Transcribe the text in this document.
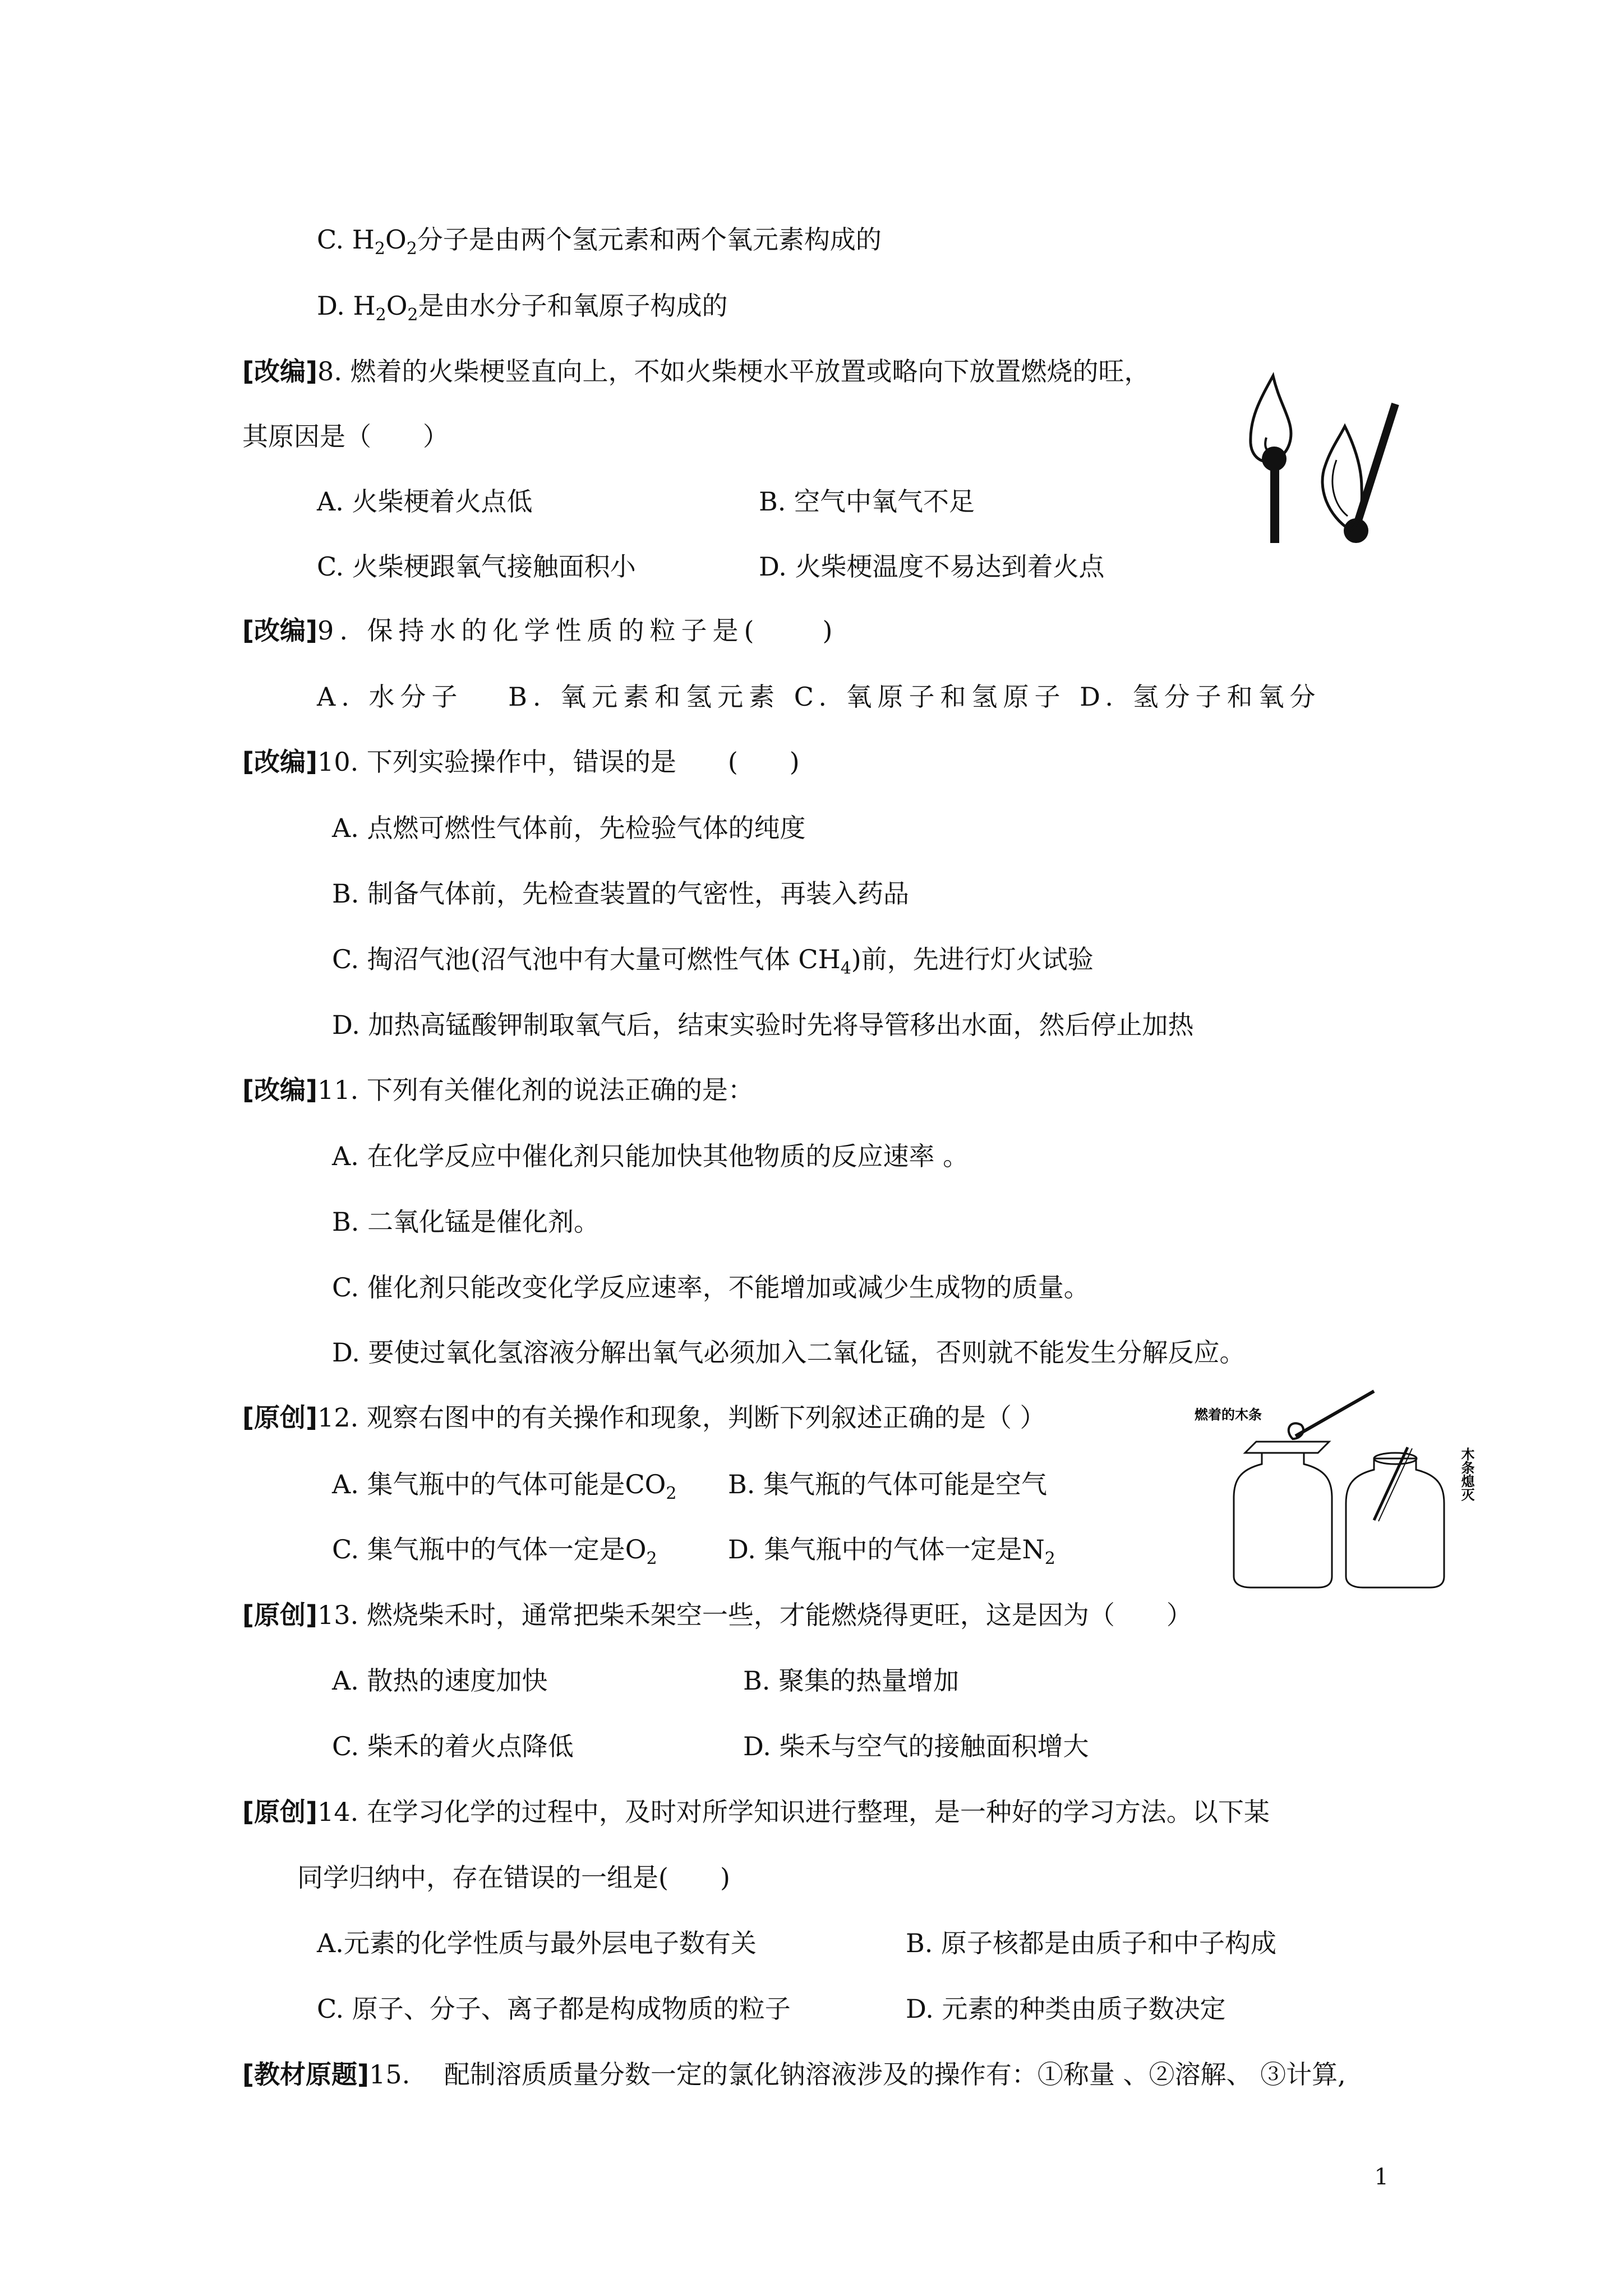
C. $H_2O_2$分子是由两个氢元素和两个氧元素构成的
D. $H_2O_2$是由水分子和氧原子构成的
[改编]8. 燃着的火柴梗竖直向上，不如火柴梗水平放置或略向下放置燃烧的旺，
其原因是（　　）
A. 火柴梗着火点低	B. 空气中氧气不足
C. 火柴梗跟氧气接触面积小	D. 火柴梗温度不易达到着火点
[改编]9. 保持水的化学性质的粒子是(　　)
A. 水分子　 B. 氧元素和氢元素 C. 氧原子和氢原子 D. 氢分子和氧分
[改编]10. 下列实验操作中，错误的是　　(　　)
A. 点燃可燃性气体前，先检验气体的纯度
B. 制备气体前，先检查装置的气密性，再装入药品
C. 掏沼气池(沼气池中有大量可燃性气体 $CH_4$)前，先进行灯火试验
D. 加热高锰酸钾制取氧气后，结束实验时先将导管移出水面，然后停止加热
[改编]11. 下列有关催化剂的说法正确的是：
A. 在化学反应中催化剂只能加快其他物质的反应速率 。
B. 二氧化锰是催化剂。
C. 催化剂只能改变化学反应速率，不能增加或减少生成物的质量。
D. 要使过氧化氢溶液分解出氧气必须加入二氧化锰，否则就不能发生分解反应。
[原创]12. 观察右图中的有关操作和现象，判断下列叙述正确的是（ ）
A. 集气瓶中的气体可能是$CO_2$ B. 集气瓶的气体可能是空气
C. 集气瓶中的气体一定是$O_2$	D. 集气瓶中的气体一定是$N_2$
燃着的木条
木条熄灭
[原创]13. 燃烧柴禾时，通常把柴禾架空一些，才能燃烧得更旺，这是因为（　　）
A. 散热的速度加快	B. 聚集的热量增加
C. 柴禾的着火点降低	D. 柴禾与空气的接触面积增大
[原创]14. 在学习化学的过程中，及时对所学知识进行整理，是一种好的学习方法。以下某
同学归纳中，存在错误的一组是(　　)
A.元素的化学性质与最外层电子数有关	B. 原子核都是由质子和中子构成
C. 原子、分子、离子都是构成物质的粒子	D. 元素的种类由质子数决定
[教材原题]15.　 配制溶质质量分数一定的氯化钠溶液涉及的操作有：①称量 、②溶解、 ③计算,
1
